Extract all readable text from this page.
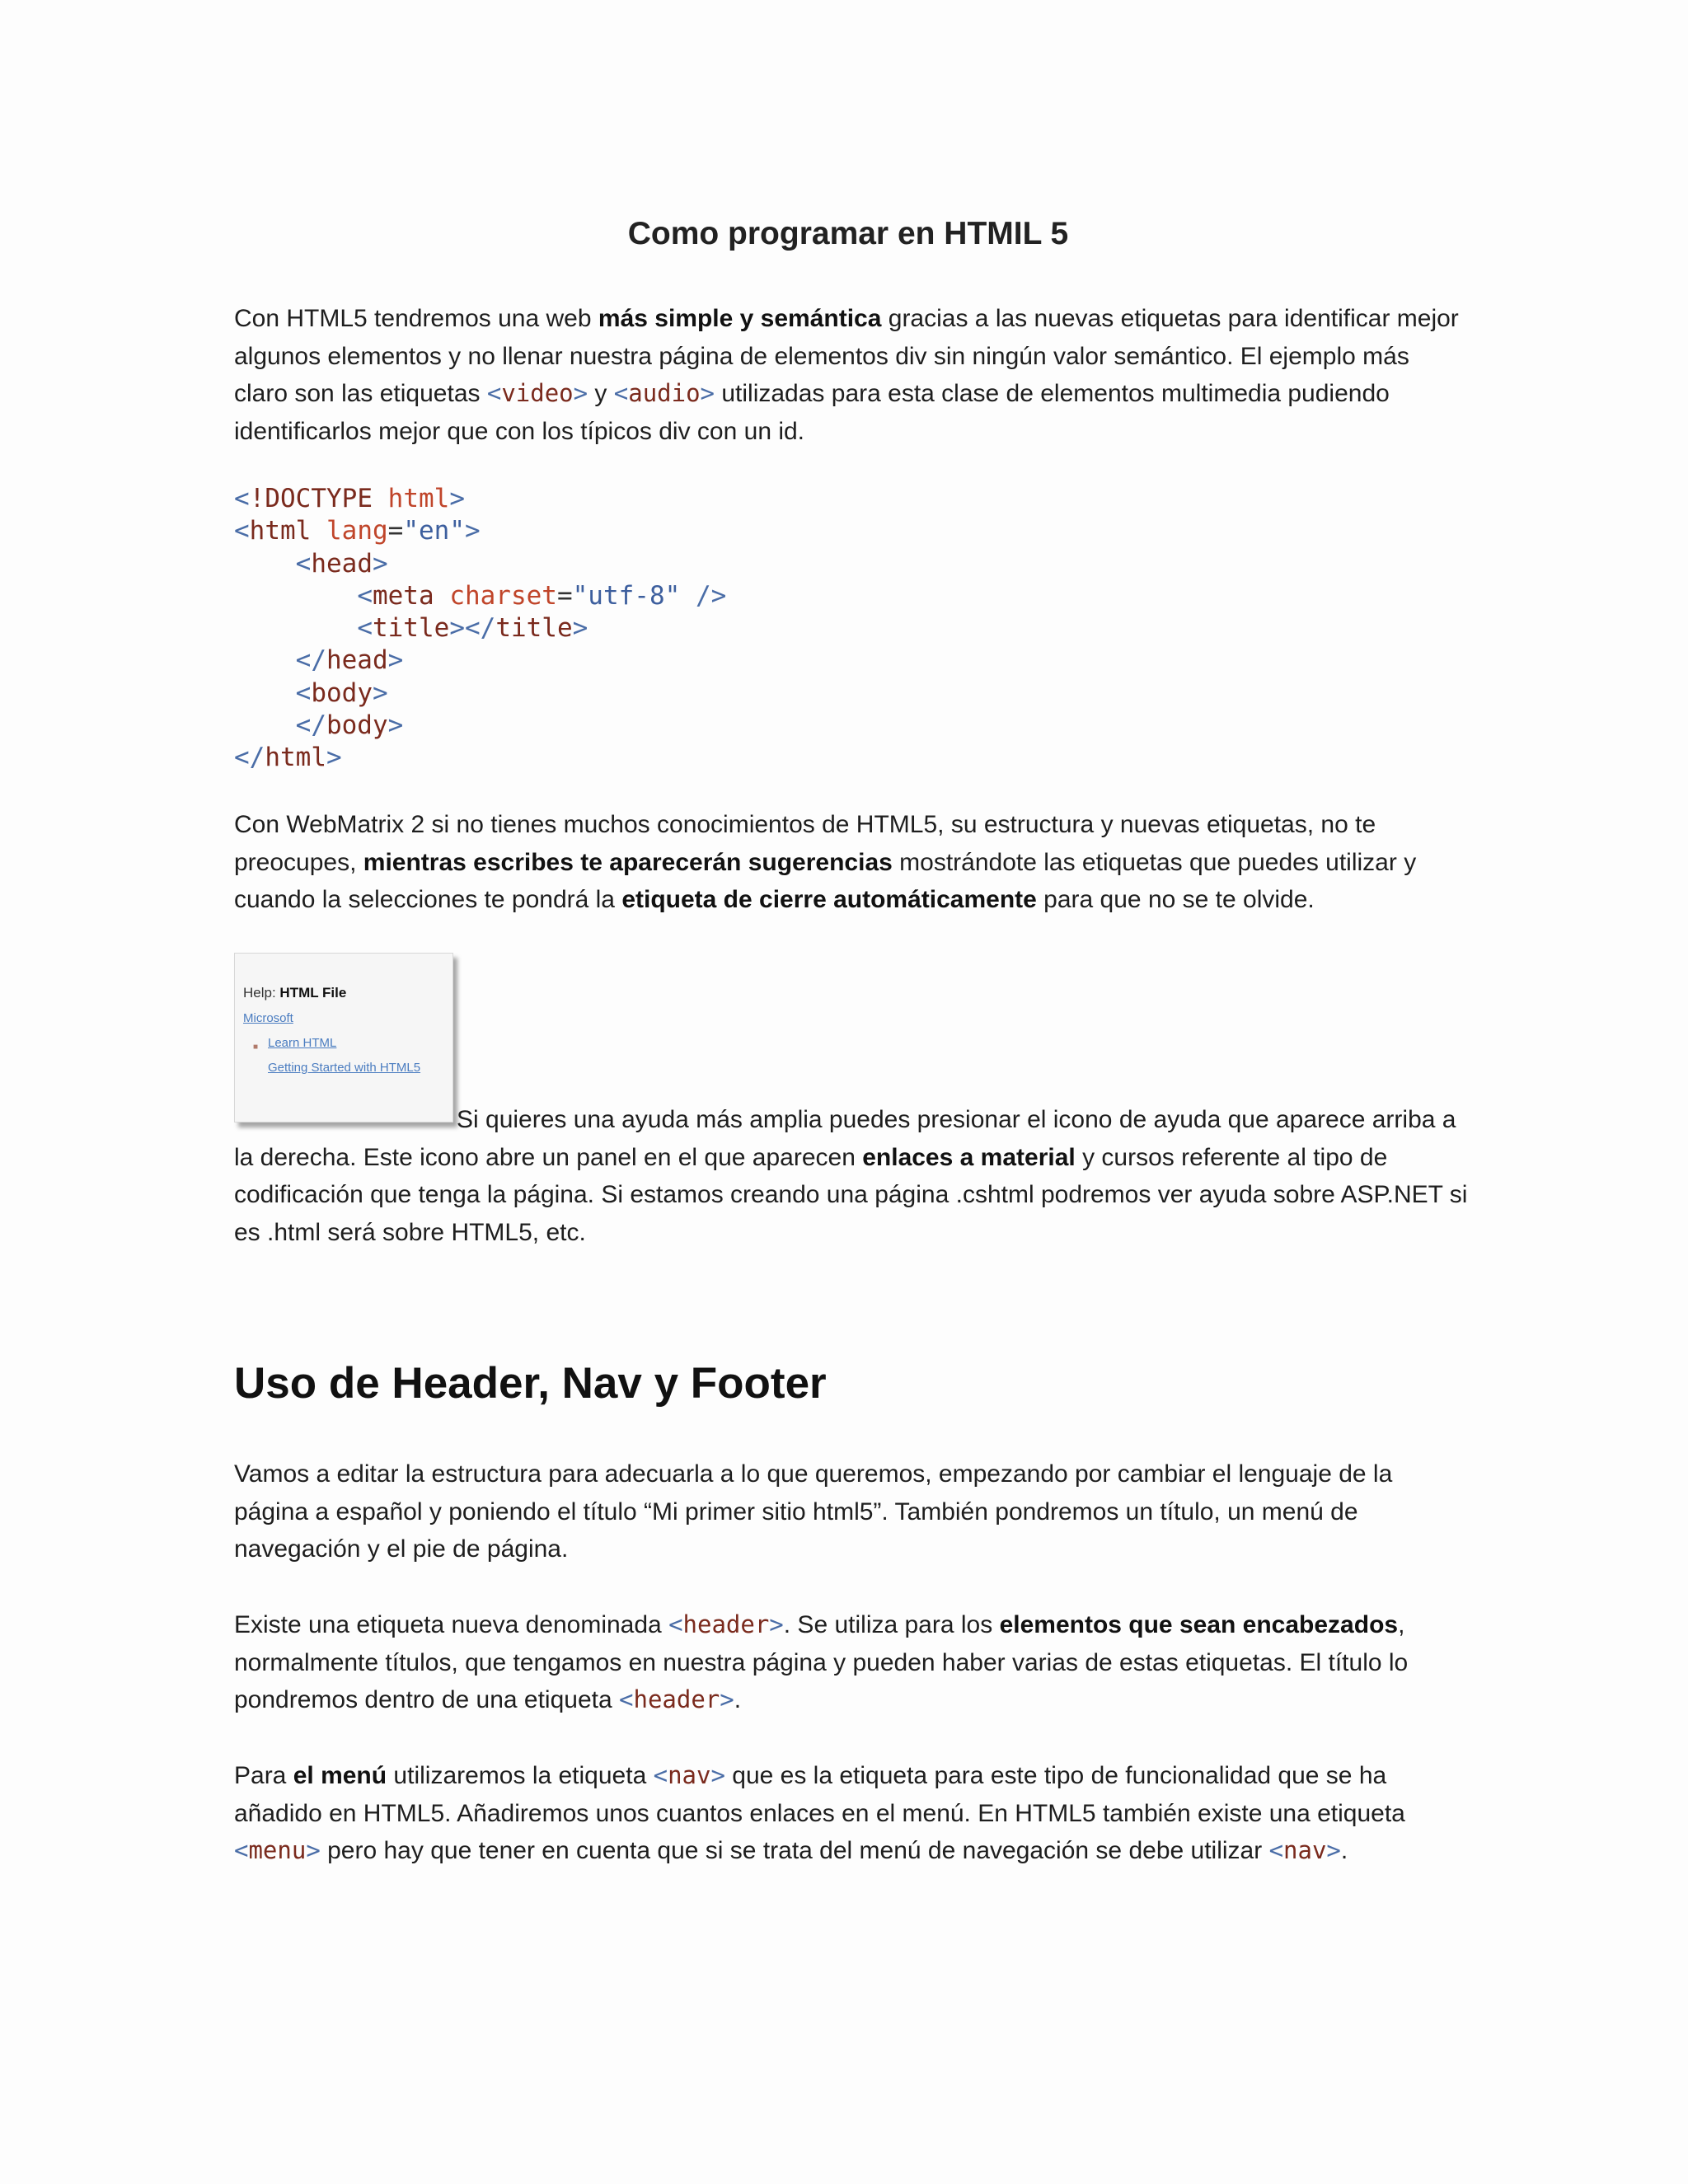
Como programar en HTMIL 5

Con HTML5 tendremos una web más simple y semántica gracias a las nuevas etiquetas para identificar mejor algunos elementos y no llenar nuestra página de elementos div sin ningún valor semántico. El ejemplo más claro son las etiquetas <video> y <audio> utilizadas para esta clase de elementos multimedia pudiendo identificarlos mejor que con los típicos div con un id.

<!DOCTYPE html>
<html lang="en">
<head>
<meta charset="utf-8" />
<title></title>
</head>
<body>
</body>
</html>

Con WebMatrix 2 si no tienes muchos conocimientos de HTML5, su estructura y nuevas etiquetas, no te preocupes, mientras escribes te aparecerán sugerencias mostrándote las etiquetas que puedes utilizar y cuando la selecciones te pondrá la etiqueta de cierre automáticamente para que no se te olvide.

Help: HTML File
Microsoft
■ Learn HTML
Getting Started with HTML5

Si quieres una ayuda más amplia puedes presionar el icono de ayuda que aparece arriba a la derecha. Este icono abre un panel en el que aparecen enlaces a material y cursos referente al tipo de codificación que tenga la página. Si estamos creando una página .cshtml podremos ver ayuda sobre ASP.NET si es .html será sobre HTML5, etc.

Uso de Header, Nav y Footer

Vamos a editar la estructura para adecuarla a lo que queremos, empezando por cambiar el lenguaje de la página a español y poniendo el título “Mi primer sitio html5”. También pondremos un título, un menú de navegación y el pie de página.

Existe una etiqueta nueva denominada <header>. Se utiliza para los elementos que sean encabezados, normalmente títulos, que tengamos en nuestra página y pueden haber varias de estas etiquetas. El título lo pondremos dentro de una etiqueta <header>.

Para el menú utilizaremos la etiqueta <nav> que es la etiqueta para este tipo de funcionalidad que se ha añadido en HTML5. Añadiremos unos cuantos enlaces en el menú. En HTML5 también existe una etiqueta <menu> pero hay que tener en cuenta que si se trata del menú de navegación se debe utilizar <nav>.
